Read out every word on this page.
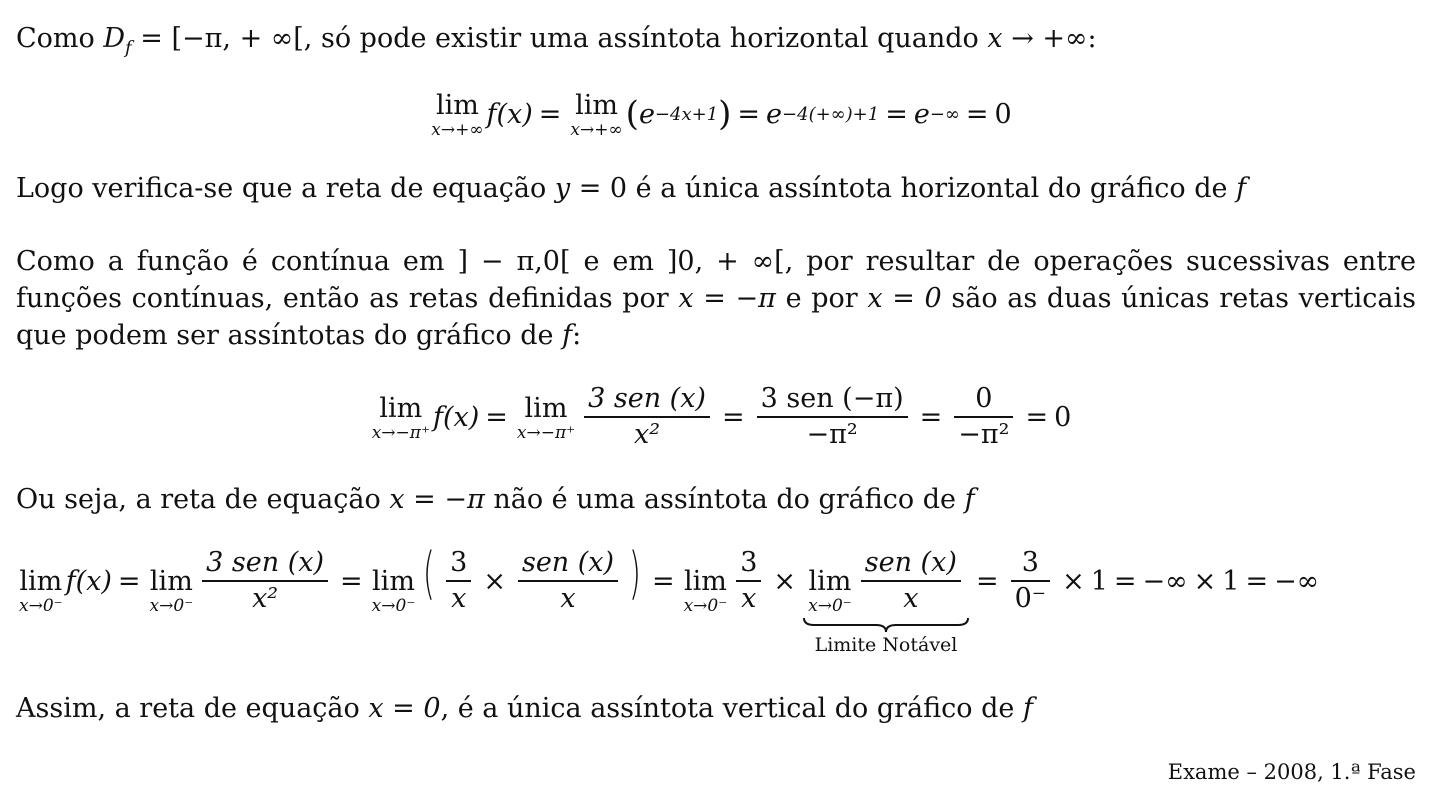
Como $D_f = [-\pi$, + ∞[, só pode existir uma assíntota horizontal quando x → +∞:
lim
x→+∞ f(x) = lim
x→+∞ ( e −4x+1 ) = e −4(+∞)+1 = e −∞ = 0
Logo verifica-se que a reta de equação y = 0 é a única assíntota horizontal do gráfico de f
Como a função é contínua em ] − π,0[ e em ]0, + ∞[, por resultar de operações sucessivas entre funções contínuas, então as retas definidas por x = −π e por x = 0 são as duas únicas retas verticais que podem ser assíntotas do gráfico de f:
lim
x→−π⁺ f(x) = lim
$x\to-\pi^+ \frac{\text{3 sen (x)}}{\text{x²}} = \frac{\text{3 sen (−π)}}{\text{−π²}} = \frac{0}{\text{−π²}} = 0$
Ou seja, a reta de equação x = −π não é uma assíntota do gráfico de f
lim
x→0⁻
f(x) = lim
$x\to 0^- \frac{\text{3 sen (x)}}{\text{x²}} = \lim$
x→0⁻ ( $\frac{3}{x} \times \frac{\text{sen (x)}}{x}$ ) = lim
$x\to 0^- \frac{3}{x} \times \lim$
$x\to 0^- \frac{\text{sen (x)}}{x}$
Limite Notável
= $\frac{3}{0^-} \times 1$ = −∞ × 1 = −∞
Assim, a reta de equação x = 0, é a única assíntota vertical do gráfico de f
Exame – 2008, 1.ª Fase
